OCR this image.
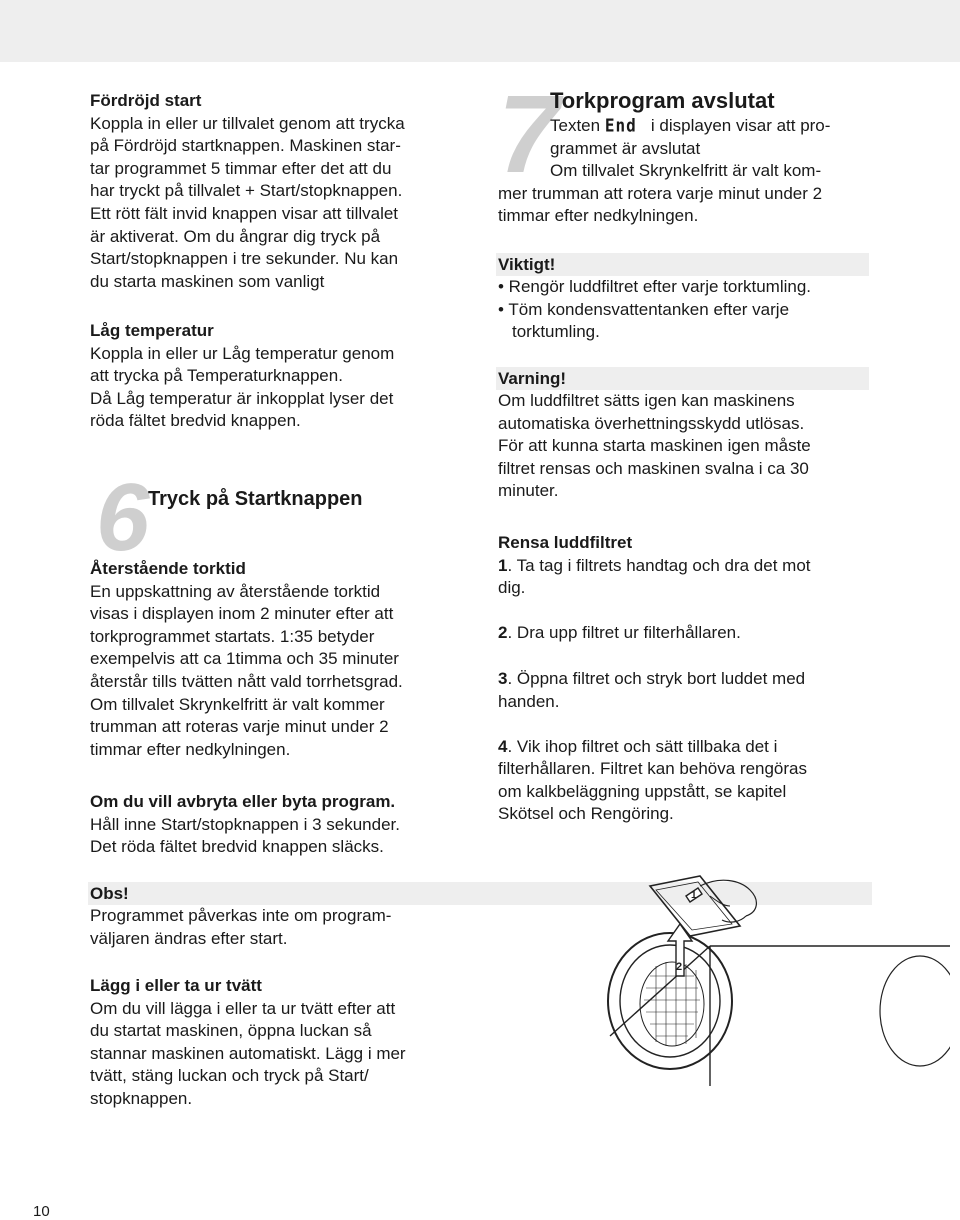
Fördröjd start

Koppla in eller ur tillvalet genom att trycka

på Fördröjd startknappen. Maskinen star-

tar programmet 5 timmar efter det att du

har tryckt på tillvalet + Start/stopknappen.

Ett rött fält invid knappen visar att tillvalet

är aktiverat. Om du ångrar dig tryck på

Start/stopknappen i tre sekunder. Nu kan

du starta maskinen som vanligt

Låg temperatur

Koppla in eller ur Låg temperatur genom

att trycka på Temperaturknappen.

Då Låg temperatur är inkopplat lyser det

röda fältet bredvid knappen.

6
Tryck på Startknappen

Återstående torktid

En uppskattning av återstående torktid

visas i displayen inom 2 minuter efter att

torkprogrammet startats. 1:35 betyder

exempelvis att ca 1timma och 35 minuter

återstår tills tvätten nått vald torrhetsgrad.

Om tillvalet Skrynkelfritt är valt kommer

trumman att roteras varje minut under 2

timmar efter nedkylningen.

Om du vill avbryta eller byta program.

Håll inne Start/stopknappen i 3 sekunder.

Det röda fältet bredvid knappen släcks.

Obs!

Programmet påverkas inte om program-

väljaren ändras efter start.

Lägg i eller ta ur tvätt

Om du vill lägga i eller ta ur tvätt efter att

du startat maskinen, öppna luckan så

stannar maskinen automatiskt. Lägg i mer

tvätt, stäng luckan och tryck på Start/

stopknappen.

7
Torkprogram avslutat

Texten End i displayen visar att pro-

grammet är avslutat

Om tillvalet Skrynkelfritt är valt kom-

mer trumman att rotera varje minut under 2

timmar efter nedkylningen.

Viktigt!

• Rengör luddfiltret efter varje torktumling.

• Töm kondensvattentanken efter varje

torktumling.

Varning!

Om luddfiltret sätts igen kan maskinens

automatiska överhettningsskydd utlösas.

För att kunna starta maskinen igen måste

filtret rensas och maskinen svalna i ca 30

minuter.

Rensa luddfiltret

1. Ta tag i filtrets handtag och dra det mot

dig.

2. Dra upp filtret ur filterhållaren.

3. Öppna filtret och stryk bort luddet med

handen.

4. Vik ihop filtret och sätt tillbaka det i

filterhållaren. Filtret kan behöva rengöras

om kalkbeläggning uppstått, se kapitel

Skötsel och Rengöring.

2
1
10
